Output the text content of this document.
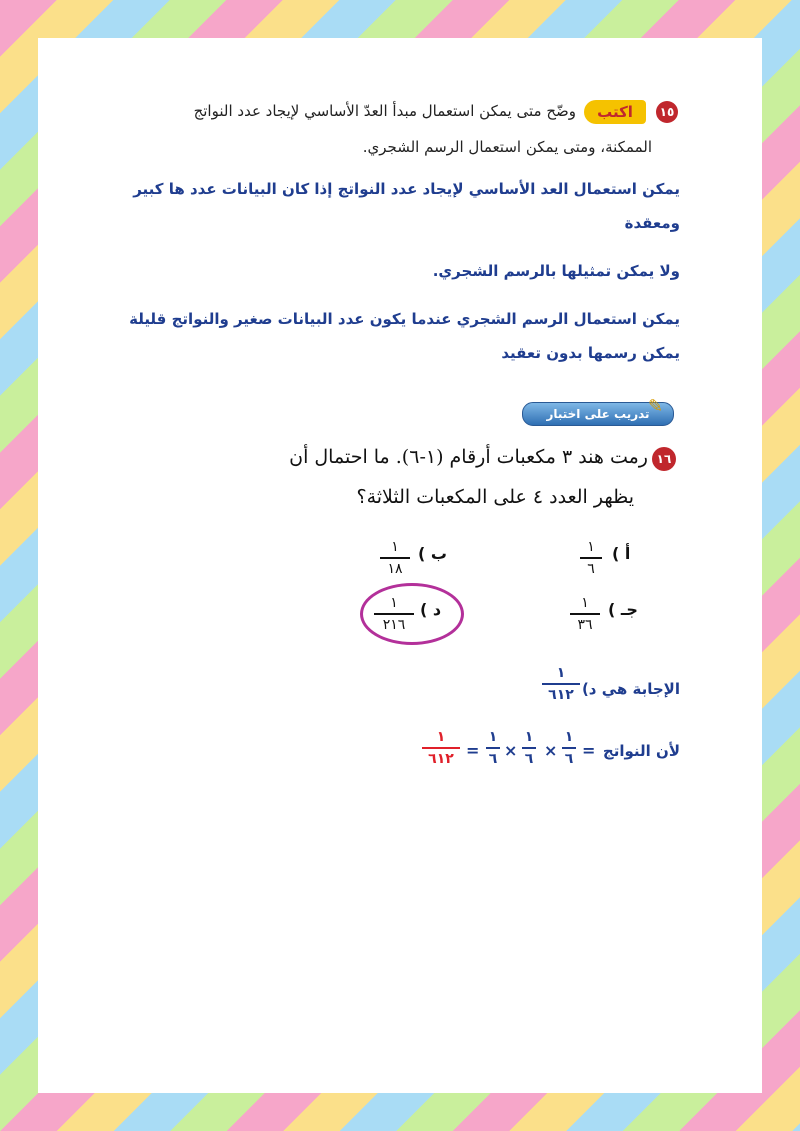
١٥
اكتب
وضّح متى يمكن استعمال مبدأ العدّ الأساسي لإيجاد عدد النواتج
الممكنة، ومتى يمكن استعمال الرسم الشجري.
يمكن استعمال العد الأساسي لإيجاد عدد النواتج إذا كان البيانات عدد ها كبير
ومعقدة
ولا يمكن تمثيلها بالرسم الشجري.
يمكن استعمال الرسم الشجري عندما يكون عدد البيانات صغير والنواتج قليلة
يمكن رسمها بدون تعقيد
تدريب على اختبار
✎
١٦
رمت هند ٣ مكعبات أرقام (١-٦). ما احتمال أن
يظهر العدد ٤ على المكعبات الثلاثة؟
أ )
١
٦
ب )
١
١٨
جـ )
١
٣٦
د )
١
٢١٦
الإجابة هي د)
١
٦١٢
لأن النواتج
=
١
٦
×
١
٦
×
١
٦
=
١
٦١٢
